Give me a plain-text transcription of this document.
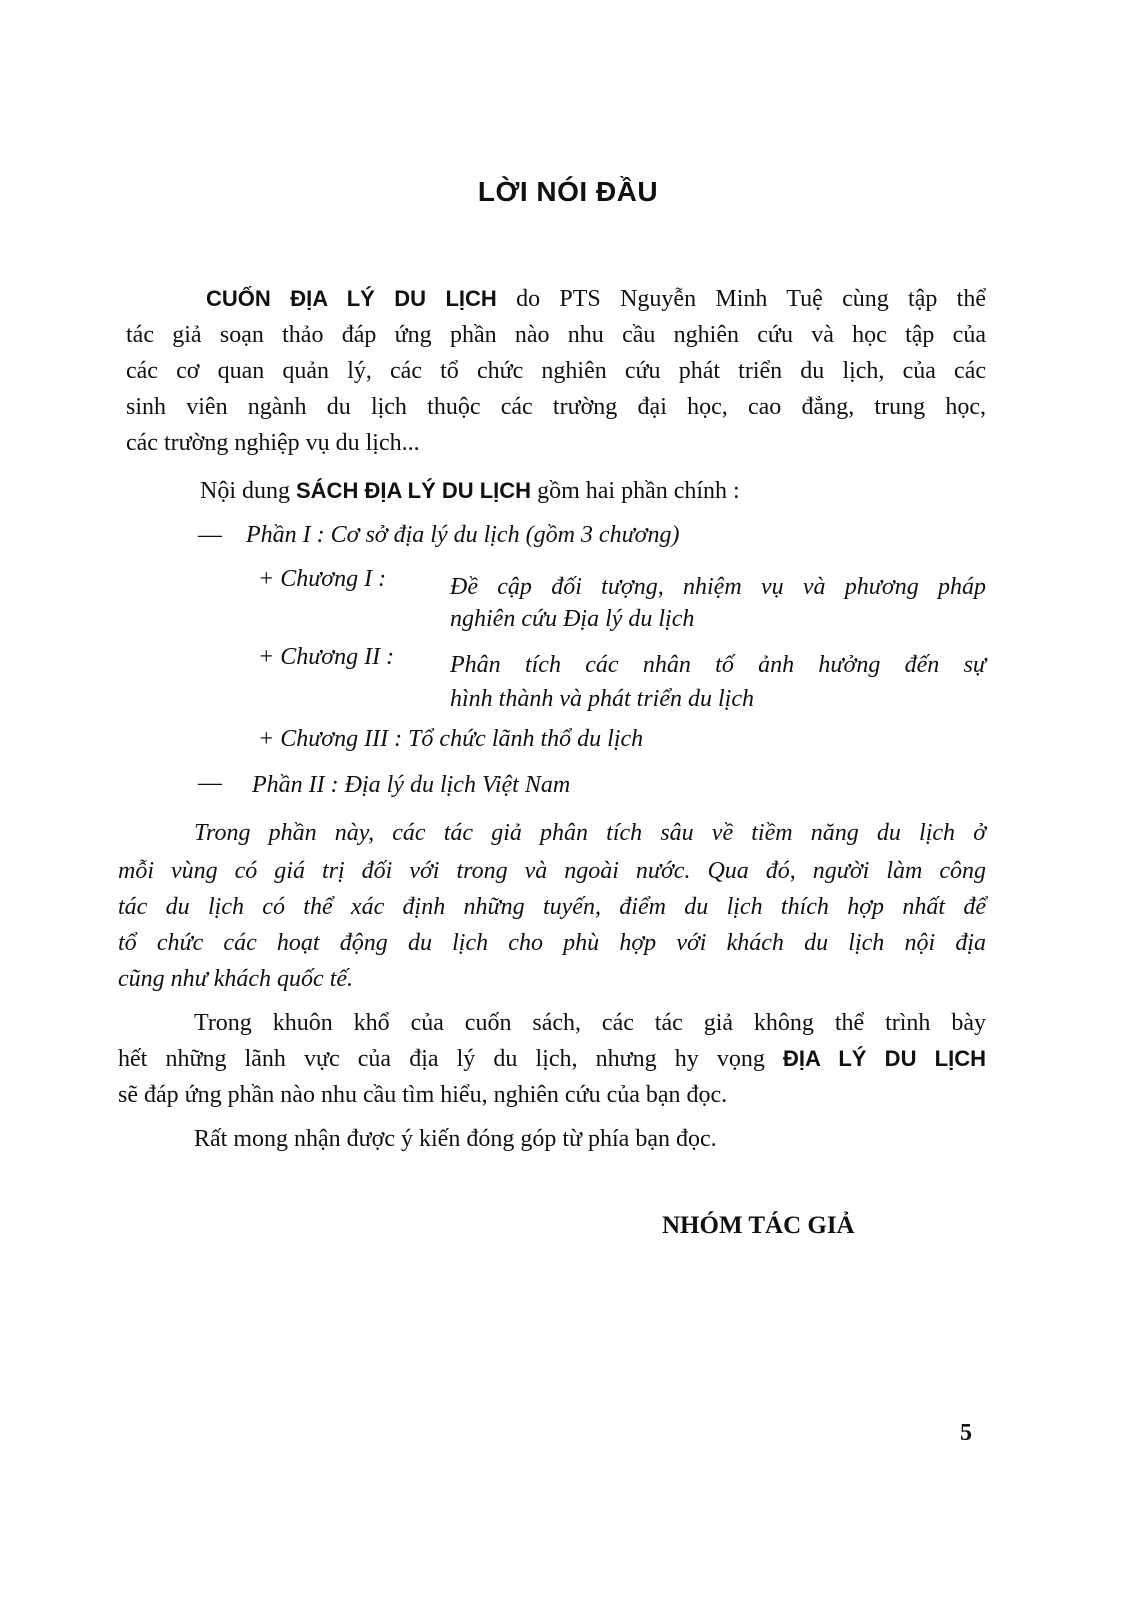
LỜI NÓI ĐẦU
CUỐN ĐỊA LÝ DU LỊCH do PTS Nguyễn Minh Tuệ cùng tập thể
tác giả soạn thảo đáp ứng phần nào nhu cầu nghiên cứu và học tập của
các cơ quan quản lý, các tổ chức nghiên cứu phát triển du lịch, của các
sinh viên ngành du lịch thuộc các trường đại học, cao đẳng, trung học,
các trường nghiệp vụ du lịch...
Nội dung SÁCH ĐỊA LÝ DU LỊCH gồm hai phần chính :
— Phần I : Cơ sở địa lý du lịch (gồm 3 chương)
+ Chương I :	Đề cập đối tượng, nhiệm vụ và phương pháp
nghiên cứu Địa lý du lịch
+ Chương II : Phân tích các nhân tố ảnh hưởng đến sự
hình thành và phát triển du lịch
+ Chương III : Tổ chức lãnh thổ du lịch
— Phần II : Địa lý du lịch Việt Nam
Trong phần này, các tác giả phân tích sâu về tiềm năng du lịch ở
mỗi vùng có giá trị đối với trong và ngoài nước. Qua đó, người làm công
tác du lịch có thể xác định những tuyến, điểm du lịch thích hợp nhất để
tổ chức các hoạt động du lịch cho phù hợp với khách du lịch nội địa
cũng như khách quốc tế.
Trong khuôn khổ của cuốn sách, các tác giả không thể trình bày
hết những lãnh vực của địa lý du lịch, nhưng hy vọng ĐỊA LÝ DU LỊCH
sẽ đáp ứng phần nào nhu cầu tìm hiểu, nghiên cứu của bạn đọc.
Rất mong nhận được ý kiến đóng góp từ phía bạn đọc.
NHÓM TÁC GIẢ
5
